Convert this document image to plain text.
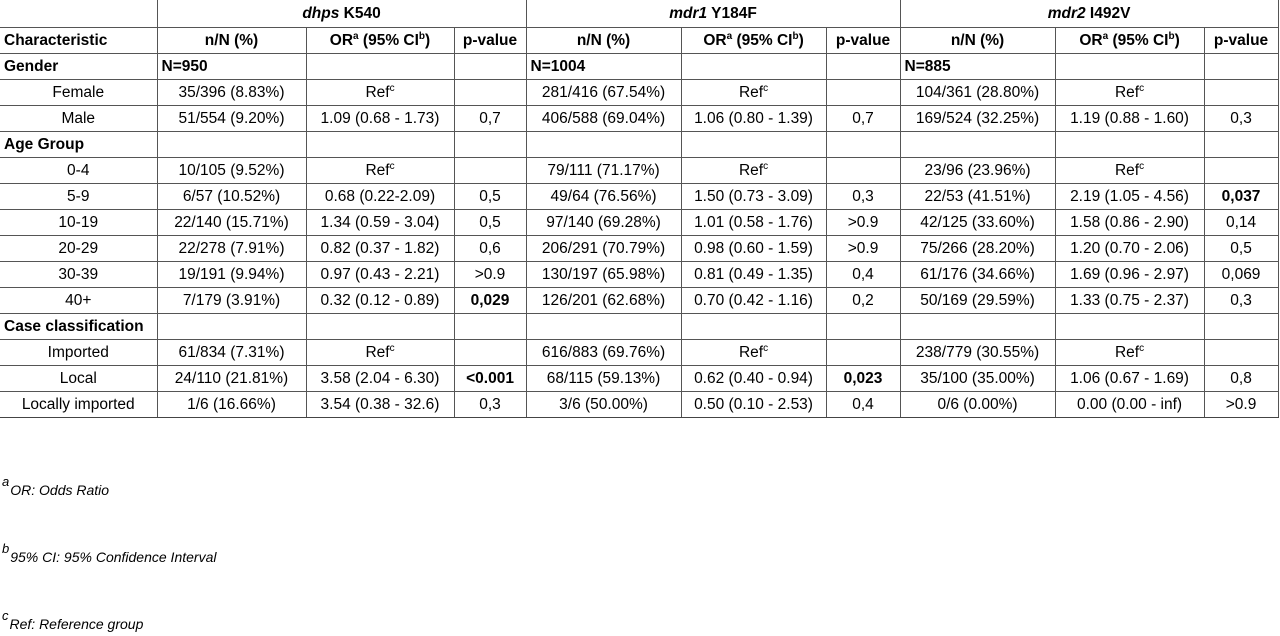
	dhps K540			mdr1 Y184F			mdr2 I492V		
Characteristic	n/N (%)	$OR^a$ (95% $CI^b$)	p-value	n/N (%)	$OR^a$ (95% $CI^b$)	p-value	n/N (%)	$OR^a$ (95% $CI^b$)	p-value
Gender	N=950			N=1004			N=885		
Female	35/396 (8.83%)	Ref$^c$		281/416 (67.54%)	Ref$^c$		104/361 (28.80%)	Ref$^c$	
Male	51/554 (9.20%)	1.09 (0.68 - 1.73)	0,7	406/588 (69.04%)	1.06 (0.80 - 1.39)	0,7	169/524 (32.25%)	1.19 (0.88 - 1.60)	0,3
Age Group									
0-4	10/105 (9.52%)	Ref$^c$		79/111 (71.17%)	Ref$^c$		23/96 (23.96%)	Ref$^c$	
5-9	6/57 (10.52%)	0.68 (0.22-2.09)	0,5	49/64 (76.56%)	1.50 (0.73 - 3.09)	0,3	22/53 (41.51%)	2.19 (1.05 - 4.56)	0,037
10-19	22/140 (15.71%)	1.34 (0.59 - 3.04)	0,5	97/140 (69.28%)	1.01 (0.58 - 1.76)	>0.9	42/125 (33.60%)	1.58 (0.86 - 2.90)	0,14
20-29	22/278 (7.91%)	0.82 (0.37 - 1.82)	0,6	206/291 (70.79%)	0.98 (0.60 - 1.59)	>0.9	75/266 (28.20%)	1.20 (0.70 - 2.06)	0,5
30-39	19/191 (9.94%)	0.97 (0.43 - 2.21)	>0.9	130/197 (65.98%)	0.81 (0.49 - 1.35)	0,4	61/176 (34.66%)	1.69 (0.96 - 2.97)	0,069
40+	7/179 (3.91%)	0.32 (0.12 - 0.89)	0,029	126/201 (62.68%)	0.70 (0.42 - 1.16)	0,2	50/169 (29.59%)	1.33 (0.75 - 2.37)	0,3
Case classification									
Imported	61/834 (7.31%)	Ref$^c$		616/883 (69.76%)	Ref$^c$		238/779 (30.55%)	Ref$^c$	
Local	24/110 (21.81%)	3.58 (2.04 - 6.30)	<0.001	68/115 (59.13%)	0.62 (0.40 - 0.94)	0,023	35/100 (35.00%)	1.06 (0.67 - 1.69)	0,8
Locally imported	1/6 (16.66%)	3.54 (0.38 - 32.6)	0,3	3/6 (50.00%)	0.50 (0.10 - 2.53)	0,4	0/6 (0.00%)	0.00 (0.00 - inf)	>0.9
aOR: Odds Ratio
b95% CI: 95% Confidence Interval
cRef: Reference group
